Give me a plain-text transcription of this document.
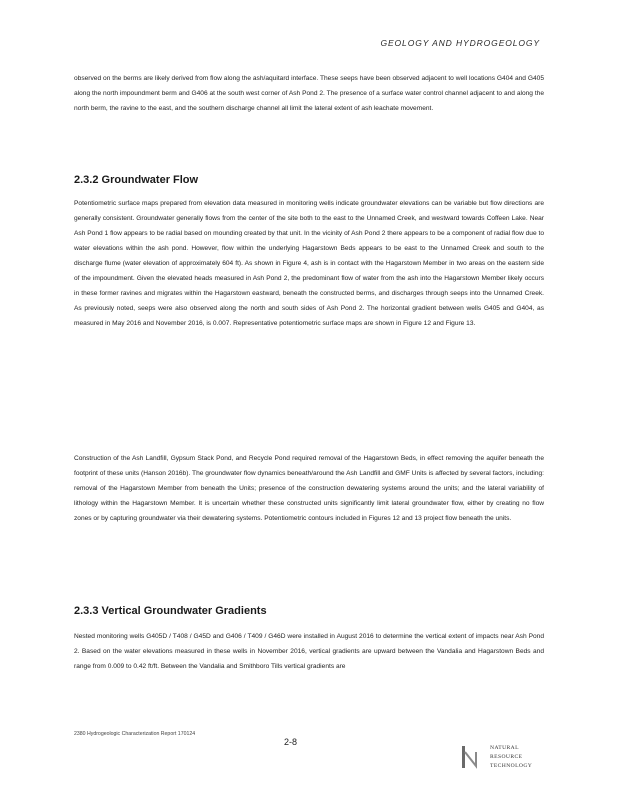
GEOLOGY AND HYDROGEOLOGY
observed on the berms are likely derived from flow along the ash/aquitard interface. These seeps have been observed adjacent to well locations G404 and G405 along the north impoundment berm and G406 at the south west corner of Ash Pond 2. The presence of a surface water control channel adjacent to and along the north berm, the ravine to the east, and the southern discharge channel all limit the lateral extent of ash leachate movement.
2.3.2 Groundwater Flow
Potentiometric surface maps prepared from elevation data measured in monitoring wells indicate groundwater elevations can be variable but flow directions are generally consistent. Groundwater generally flows from the center of the site both to the east to the Unnamed Creek, and westward towards Coffeen Lake. Near Ash Pond 1 flow appears to be radial based on mounding created by that unit. In the vicinity of Ash Pond 2 there appears to be a component of radial flow due to water elevations within the ash pond. However, flow within the underlying Hagarstown Beds appears to be east to the Unnamed Creek and south to the discharge flume (water elevation of approximately 604 ft). As shown in Figure 4, ash is in contact with the Hagarstown Member in two areas on the eastern side of the impoundment. Given the elevated heads measured in Ash Pond 2, the predominant flow of water from the ash into the Hagarstown Member likely occurs in these former ravines and migrates within the Hagarstown eastward, beneath the constructed berms, and discharges through seeps into the Unnamed Creek. As previously noted, seeps were also observed along the north and south sides of Ash Pond 2. The horizontal gradient between wells G405 and G404, as measured in May 2016 and November 2016, is 0.007. Representative potentiometric surface maps are shown in Figure 12 and Figure 13.
Construction of the Ash Landfill, Gypsum Stack Pond, and Recycle Pond required removal of the Hagarstown Beds, in effect removing the aquifer beneath the footprint of these units (Hanson 2016b). The groundwater flow dynamics beneath/around the Ash Landfill and GMF Units is affected by several factors, including: removal of the Hagarstown Member from beneath the Units; presence of the construction dewatering systems around the units; and the lateral variability of lithology within the Hagarstown Member. It is uncertain whether these constructed units significantly limit lateral groundwater flow, either by creating no flow zones or by capturing groundwater via their dewatering systems. Potentiometric contours included in Figures 12 and 13 project flow beneath the units.
2.3.3 Vertical Groundwater Gradients
Nested monitoring wells G405D / T408 / G45D and G406 / T409 / G46D were installed in August 2016 to determine the vertical extent of impacts near Ash Pond 2. Based on the water elevations measured in these wells in November 2016, vertical gradients are upward between the Vandalia and Hagarstown Beds and range from 0.009 to 0.42 ft/ft. Between the Vandalia and Smithboro Tills vertical gradients are
2380 Hydrogeologic Characterization Report 170124
2-8
NATURAL
RESOURCE
TECHNOLOGY
